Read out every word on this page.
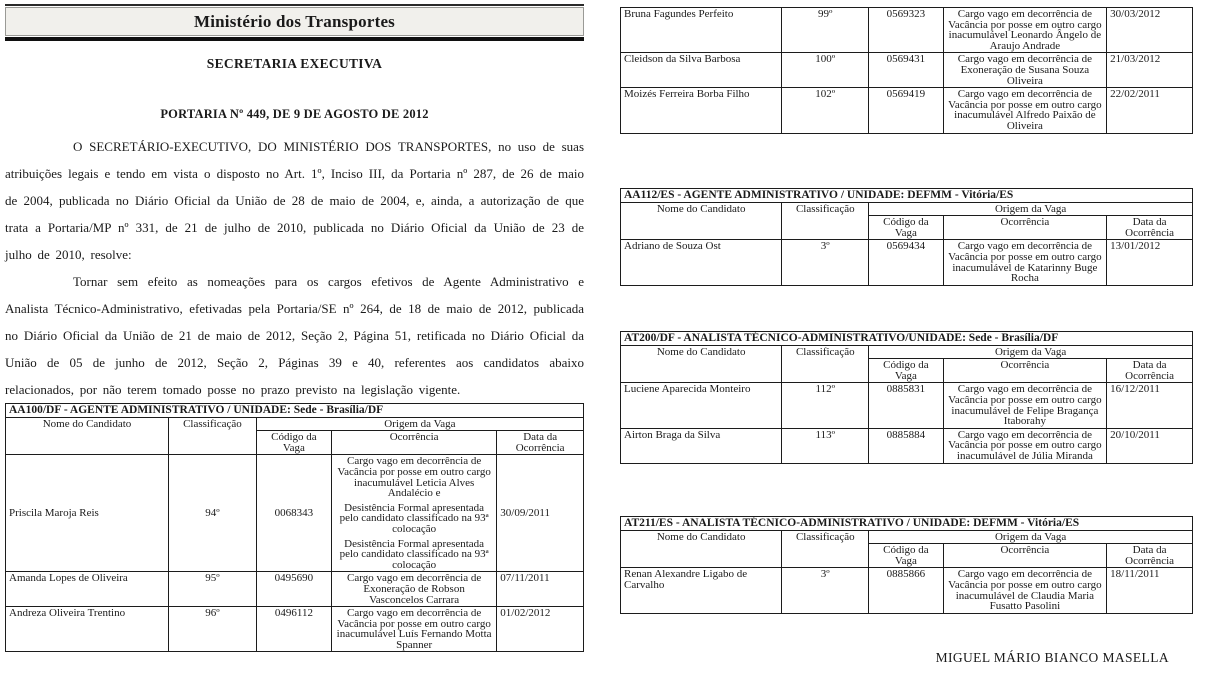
Ministério dos Transportes
SECRETARIA EXECUTIVA
PORTARIA Nº 449, DE 9 DE AGOSTO DE 2012

O SECRETÁRIO-EXECUTIVO, DO MINISTÉRIO DOS TRANSPORTES, no uso de suas atribuições legais e tendo em vista o disposto no Art. 1º, Inciso III, da Portaria nº 287, de 26 de maio de 2004, publicada no Diário Oficial da União de 28 de maio de 2004, e, ainda, a autorização de que trata a Portaria/MP nº 331, de 21 de julho de 2010, publicada no Diário Oficial da União de 23 de julho de 2010, resolve:

Tornar sem efeito as nomeações para os cargos efetivos de Agente Administrativo e Analista Técnico-Administrativo, efetivadas pela Portaria/SE nº 264, de 18 de maio de 2012, publicada no Diário Oficial da União de 21 de maio de 2012, Seção 2, Página 51, retificada no Diário Oficial da União de 05 de junho de 2012, Seção 2, Páginas 39 e 40, referentes aos candidatos abaixo relacionados, por não terem tomado posse no prazo previsto na legislação vigente.

AA100/DF - AGENTE ADMINISTRATIVO / UNIDADE: Sede - Brasília/DF				
Nome do Candidato	Classificação	Origem da Vaga		
		Código da Vaga	Ocorrência	Data da Ocorrência
Priscila Maroja Reis	94º	0068343	Cargo vago em decorrência de Vacância por posse em outro cargo inacumulável Leticia Alves Andalécio e
Desistência Formal apresentada pelo candidato classificado na 93ª colocação
Desistência Formal apresentada pelo candidato classificado na 93ª colocação	30/09/2011
Amanda Lopes de Oliveira	95º	0495690	Cargo vago em decorrência de Exoneração de Robson Vasconcelos Carrara	07/11/2011
Andreza Oliveira Trentino	96º	0496112	Cargo vago em decorrência de Vacância por posse em outro cargo inacumulável Luís Fernando Motta Spanner	01/02/2012
Bruna Fagundes Perfeito	99º	0569323	Cargo vago em decorrência de Vacância por posse em outro cargo inacumulável Leonardo Ângelo de Araujo Andrade	30/03/2012
Cleidson da Silva Barbosa	100º	0569431	Cargo vago em decorrência de Exoneração de Susana Souza Oliveira	21/03/2012
Moizés Ferreira Borba Filho	102º	0569419	Cargo vago em decorrência de Vacância por posse em outro cargo inacumulável Alfredo Paixão de Oliveira	22/02/2011
AA112/ES - AGENTE ADMINISTRATIVO / UNIDADE: DEFMM - Vitória/ES				
Nome do Candidato	Classificação	Origem da Vaga		
		Código da Vaga	Ocorrência	Data da Ocorrência
Adriano de Souza Ost	3º	0569434	Cargo vago em decorrência de Vacância por posse em outro cargo inacumulável de Katarinny Buge Rocha	13/01/2012
AT200/DF - ANALISTA TÉCNICO-ADMINISTRATIVO/UNIDADE: Sede - Brasília/DF				
Nome do Candidato	Classificação	Origem da Vaga		
		Código da Vaga	Ocorrência	Data da Ocorrência
Luciene Aparecida Monteiro	112º	0885831	Cargo vago em decorrência de Vacância por posse em outro cargo inacumulável de Felipe Bragança Itaborahy	16/12/2011
Airton Braga da Silva	113º	0885884	Cargo vago em decorrência de Vacância por posse em outro cargo inacumulável de Júlia Miranda	20/10/2011
AT211/ES - ANALISTA TÉCNICO-ADMINISTRATIVO / UNIDADE: DEFMM - Vitória/ES				
Nome do Candidato	Classificação	Origem da Vaga		
		Código da Vaga	Ocorrência	Data da Ocorrência
Renan Alexandre Ligabo de Carvalho	3º	0885866	Cargo vago em decorrência de Vacância por posse em outro cargo inacumulável de Claudia Maria Fusatto Pasolini	18/11/2011
MIGUEL MÁRIO BIANCO MASELLA
